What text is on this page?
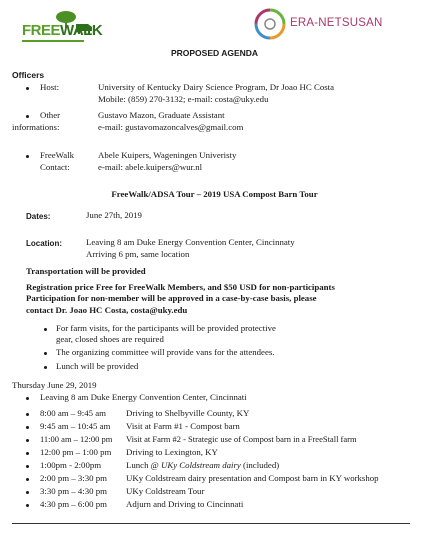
FREEWALK	ERA-NETSUSAN
PROPOSED AGENDA
Officers
Host:	University of Kentucky Dairy Science Program, Dr Joao HC Costa
Mobile: (859) 270-3132; e-mail: costa@uky.edu
Other
informations:
Gustavo Mazon, Graduate Assistant
e-mail: gustavomazoncalves@gmail.com
FreeWalk
Contact:
Abele Kuipers, Wageningen Univeristy
e-mail: abele.kuipers@wur.nl
FreeWalk/ADSA Tour – 2019 USA Compost Barn Tour
Dates:	June 27th, 2019
Location:	Leaving 8 am Duke Energy Convention Center, Cincinnaty
Arriving 6 pm, same location
Transportation will be provided
Registration price Free for FreeWalk Members, and $50 USD for non-participants
Participation for non-member will be approved in a case-by-case basis, please
contact Dr. Joao HC Costa, costa@uky.edu
For farm visits, for the participants will be provided protective
gear, closed shoes are required
The organizing committee will provide vans for the attendees.
Lunch will be provided
Thursday June 29, 2019
Leaving 8 am Duke Energy Convention Center, Cincinnati
8:00 am – 9:45 am Driving to Shelbyville County, KY
9:45 am – 10:45 am Visit at Farm #1 - Compost barn
11:00 am – 12:00 pm Visit at Farm #2 - Strategic use of Compost barn in a FreeStall farm
12:00 pm – 1:00 pm Driving to Lexington, KY
1:00pm - 2:00pm	Lunch @ UKy Coldstream dairy (included)
2:00 pm – 3:30 pm UKy Coldstream dairy presentation and Compost barn in KY workshop
3:30 pm – 4:30 pm UKy Coldstream Tour
4:30 pm – 6:00 pm Adjurn and Driving to Cincinnati
